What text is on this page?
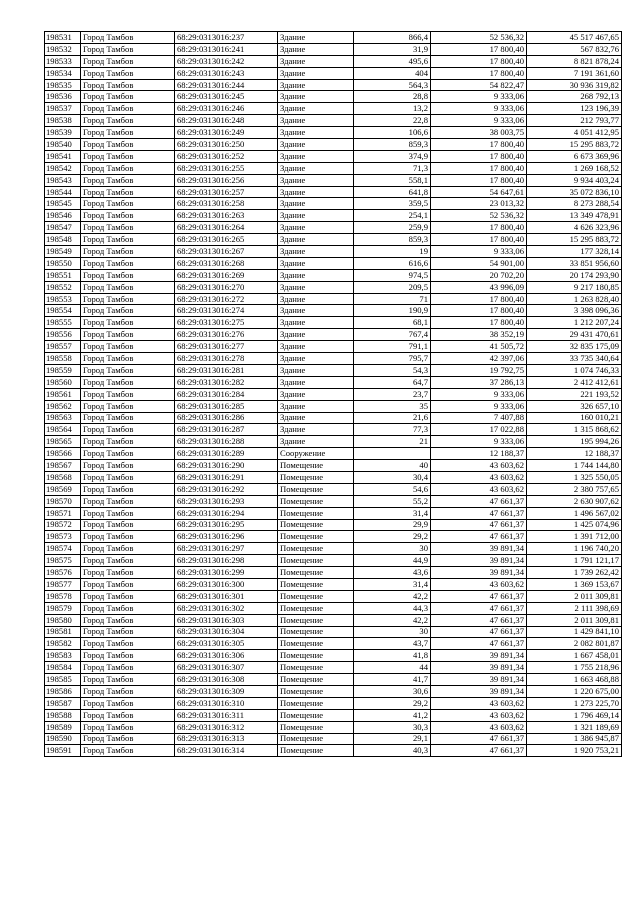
198531	Город Тамбов	68:29:0313016:237	Здание	866,4	52 536,32	45 517 467,65
198532	Город Тамбов	68:29:0313016:241	Здание	31,9	17 800,40	567 832,76
198533	Город Тамбов	68:29:0313016:242	Здание	495,6	17 800,40	8 821 878,24
198534	Город Тамбов	68:29:0313016:243	Здание	404	17 800,40	7 191 361,60
198535	Город Тамбов	68:29:0313016:244	Здание	564,3	54 822,47	30 936 319,82
198536	Город Тамбов	68:29:0313016:245	Здание	28,8	9 333,06	268 792,13
198537	Город Тамбов	68:29:0313016:246	Здание	13,2	9 333,06	123 196,39
198538	Город Тамбов	68:29:0313016:248	Здание	22,8	9 333,06	212 793,77
198539	Город Тамбов	68:29:0313016:249	Здание	106,6	38 003,75	4 051 412,95
198540	Город Тамбов	68:29:0313016:250	Здание	859,3	17 800,40	15 295 883,72
198541	Город Тамбов	68:29:0313016:252	Здание	374,9	17 800,40	6 673 369,96
198542	Город Тамбов	68:29:0313016:255	Здание	71,3	17 800,40	1 269 168,52
198543	Город Тамбов	68:29:0313016:256	Здание	558,1	17 800,40	9 934 403,24
198544	Город Тамбов	68:29:0313016:257	Здание	641,8	54 647,61	35 072 836,10
198545	Город Тамбов	68:29:0313016:258	Здание	359,5	23 013,32	8 273 288,54
198546	Город Тамбов	68:29:0313016:263	Здание	254,1	52 536,32	13 349 478,91
198547	Город Тамбов	68:29:0313016:264	Здание	259,9	17 800,40	4 626 323,96
198548	Город Тамбов	68:29:0313016:265	Здание	859,3	17 800,40	15 295 883,72
198549	Город Тамбов	68:29:0313016:267	Здание	19	9 333,06	177 328,14
198550	Город Тамбов	68:29:0313016:268	Здание	616,6	54 901,00	33 851 956,60
198551	Город Тамбов	68:29:0313016:269	Здание	974,5	20 702,20	20 174 293,90
198552	Город Тамбов	68:29:0313016:270	Здание	209,5	43 996,09	9 217 180,85
198553	Город Тамбов	68:29:0313016:272	Здание	71	17 800,40	1 263 828,40
198554	Город Тамбов	68:29:0313016:274	Здание	190,9	17 800,40	3 398 096,36
198555	Город Тамбов	68:29:0313016:275	Здание	68,1	17 800,40	1 212 207,24
198556	Город Тамбов	68:29:0313016:276	Здание	767,4	38 352,19	29 431 470,61
198557	Город Тамбов	68:29:0313016:277	Здание	791,1	41 505,72	32 835 175,09
198558	Город Тамбов	68:29:0313016:278	Здание	795,7	42 397,06	33 735 340,64
198559	Город Тамбов	68:29:0313016:281	Здание	54,3	19 792,75	1 074 746,33
198560	Город Тамбов	68:29:0313016:282	Здание	64,7	37 286,13	2 412 412,61
198561	Город Тамбов	68:29:0313016:284	Здание	23,7	9 333,06	221 193,52
198562	Город Тамбов	68:29:0313016:285	Здание	35	9 333,06	326 657,10
198563	Город Тамбов	68:29:0313016:286	Здание	21,6	7 407,88	160 010,21
198564	Город Тамбов	68:29:0313016:287	Здание	77,3	17 022,88	1 315 868,62
198565	Город Тамбов	68:29:0313016:288	Здание	21	9 333,06	195 994,26
198566	Город Тамбов	68:29:0313016:289	Сооружение		12 188,37	12 188,37
198567	Город Тамбов	68:29:0313016:290	Помещение	40	43 603,62	1 744 144,80
198568	Город Тамбов	68:29:0313016:291	Помещение	30,4	43 603,62	1 325 550,05
198569	Город Тамбов	68:29:0313016:292	Помещение	54,6	43 603,62	2 380 757,65
198570	Город Тамбов	68:29:0313016:293	Помещение	55,2	47 661,37	2 630 907,62
198571	Город Тамбов	68:29:0313016:294	Помещение	31,4	47 661,37	1 496 567,02
198572	Город Тамбов	68:29:0313016:295	Помещение	29,9	47 661,37	1 425 074,96
198573	Город Тамбов	68:29:0313016:296	Помещение	29,2	47 661,37	1 391 712,00
198574	Город Тамбов	68:29:0313016:297	Помещение	30	39 891,34	1 196 740,20
198575	Город Тамбов	68:29:0313016:298	Помещение	44,9	39 891,34	1 791 121,17
198576	Город Тамбов	68:29:0313016:299	Помещение	43,6	39 891,34	1 739 262,42
198577	Город Тамбов	68:29:0313016:300	Помещение	31,4	43 603,62	1 369 153,67
198578	Город Тамбов	68:29:0313016:301	Помещение	42,2	47 661,37	2 011 309,81
198579	Город Тамбов	68:29:0313016:302	Помещение	44,3	47 661,37	2 111 398,69
198580	Город Тамбов	68:29:0313016:303	Помещение	42,2	47 661,37	2 011 309,81
198581	Город Тамбов	68:29:0313016:304	Помещение	30	47 661,37	1 429 841,10
198582	Город Тамбов	68:29:0313016:305	Помещение	43,7	47 661,37	2 082 801,87
198583	Город Тамбов	68:29:0313016:306	Помещение	41,8	39 891,34	1 667 458,01
198584	Город Тамбов	68:29:0313016:307	Помещение	44	39 891,34	1 755 218,96
198585	Город Тамбов	68:29:0313016:308	Помещение	41,7	39 891,34	1 663 468,88
198586	Город Тамбов	68:29:0313016:309	Помещение	30,6	39 891,34	1 220 675,00
198587	Город Тамбов	68:29:0313016:310	Помещение	29,2	43 603,62	1 273 225,70
198588	Город Тамбов	68:29:0313016:311	Помещение	41,2	43 603,62	1 796 469,14
198589	Город Тамбов	68:29:0313016:312	Помещение	30,3	43 603,62	1 321 189,69
198590	Город Тамбов	68:29:0313016:313	Помещение	29,1	47 661,37	1 386 945,87
198591	Город Тамбов	68:29:0313016:314	Помещение	40,3	47 661,37	1 920 753,21
